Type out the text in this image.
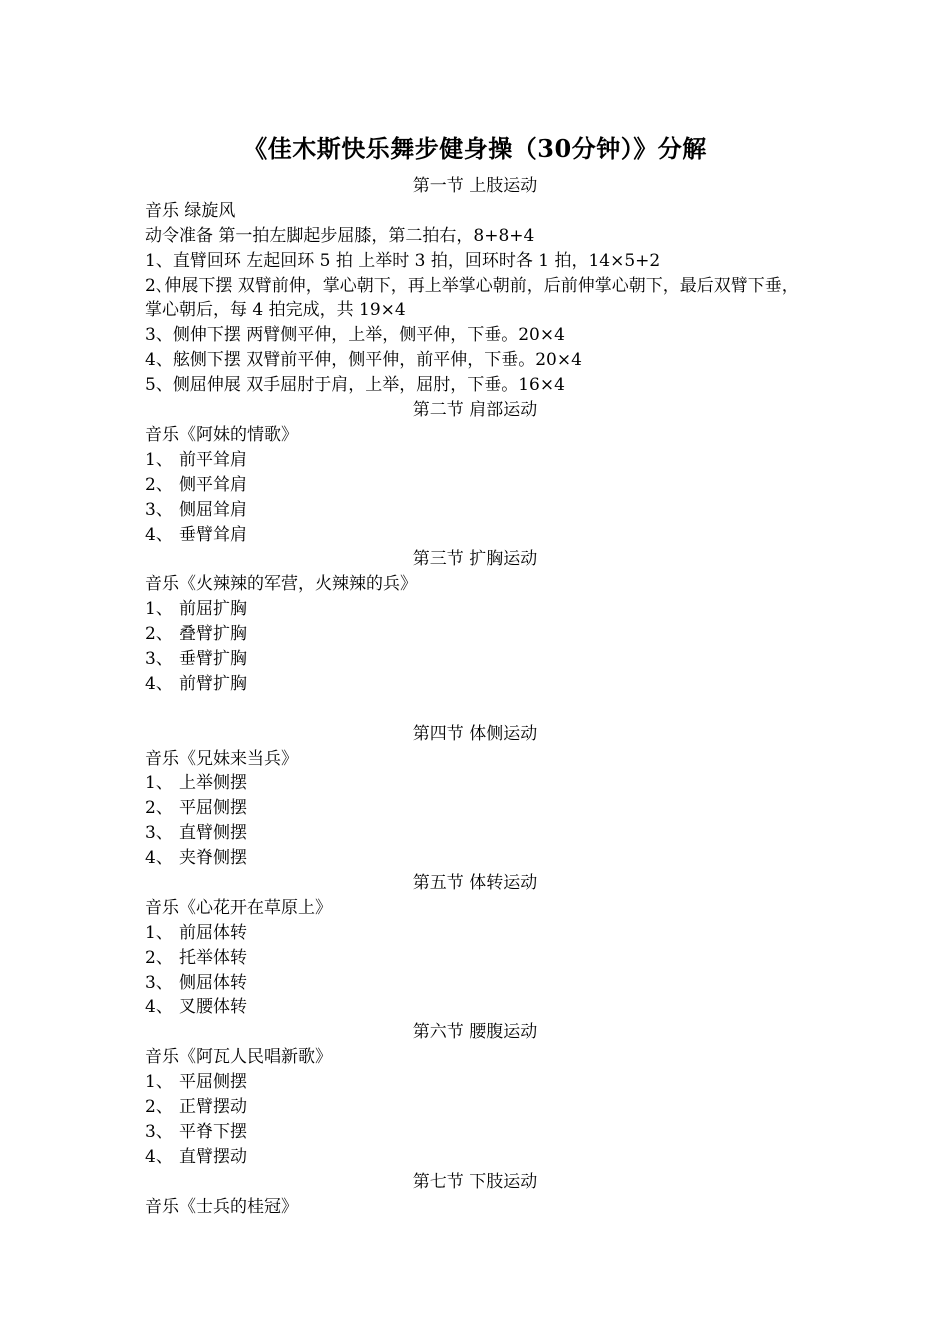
《佳木斯快乐舞步健身操（30分钟）》分解
第一节 上肢运动
音乐 绿旋风
动令准备 第一拍左脚起步屈膝，第二拍右，8+8+4
1、直臂回环 左起回环 5 拍 上举时 3 拍，回环时各 1 拍，14×5+2
2､伸展下摆 双臂前伸，掌心朝下，再上举掌心朝前，后前伸掌心朝下，最后双臂下垂，掌心朝后，每 4 拍完成，共 19×4
3、侧伸下摆 两臂侧平伸，上举，侧平伸，下垂。20×4
4、舷侧下摆 双臂前平伸，侧平伸，前平伸，下垂。20×4
5、侧屈伸展 双手屈肘于肩，上举，屈肘，下垂。16×4
第二节 肩部运动
音乐《阿妹的情歌》
1、 前平耸肩
2、 侧平耸肩
3、 侧屈耸肩
4、 垂臂耸肩
第三节 扩胸运动
音乐《火辣辣的军营，火辣辣的兵》
1、 前屈扩胸
2、 叠臂扩胸
3、 垂臂扩胸
4、 前臂扩胸
第四节 体侧运动
音乐《兄妹来当兵》
1、 上举侧摆
2、 平屈侧摆
3、 直臂侧摆
4、 夹脊侧摆
第五节 体转运动
音乐《心花开在草原上》
1、 前屈体转
2、 托举体转
3、 侧屈体转
4、 叉腰体转
第六节 腰腹运动
音乐《阿瓦人民唱新歌》
1、 平屈侧摆
2、 正臂摆动
3、 平脊下摆
4、 直臂摆动
第七节 下肢运动
音乐《士兵的桂冠》
